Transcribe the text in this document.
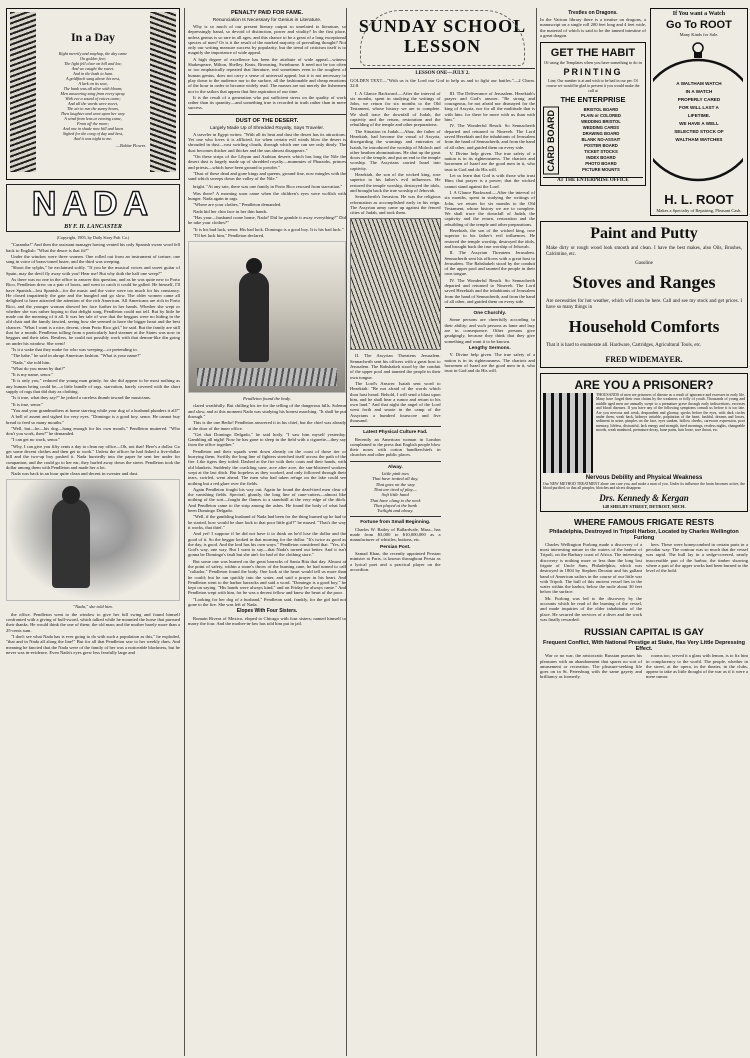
In a Day
Right merrily and mayhap, the day came
On golden feet;
The light fell clear on hill and lea;
And we caught the sweet.
And in the bush to hum.
A goldfinch sang above his nest,
A lark on its seat,
The bank was all alive with bloom;
Men answering song from every spray.
With eve a sound of voices came;
And all the words were sweet,
The air to run the sunny hours,
Then laughter and went upon her way.
A wind from leas at evening came,
From off the moor;
And one in shade now hill and lawn
Sighed for the cong of day and best,
And it was night to me.
—Bobbe Flower.
NADA
BY F. H. LANCASTER
(Copyright, 1905, by Daily Story Pub. Co.)

"Caramba!" And then the assistant manager having vented his only Spanish swear word fell back to English: "What the deuce is that fit?"

Under the window were three women. One rolled out from an instrument of torture, one sang in voice of brass-toned luster, and the third was weeping.

"Shoot the sylphs," he exclaimed softly. "If you be the musical voices and sweet guitar of Spain, may the devil fly away with you! Hear me! But why doth the half one weep?"

As there was no one in the office to answer this question, and as he was quite new to Porto Rico, Pendleton drew on a pair of boots, and went to catch it could be galled. He himself, I'll have Spanish—lost Spanish—for the music and the voice were too much for his constancy. He closed impatiently the gate and the bungled and go slow. The older women came all delighted to have attracted the attention of the rich American. All Americans are rich in Porto Rico, and the younger woman showed her face further in her hands. Whether she wept or whether she was rather hoping to that delight song, Pendleton could not tell. But by little he made out the meaning of it all. It was her tale of woe that the beggars were no hiding in the old chair and the family fancied, seeing how she seemed to have the bigger heart and the best chances. "What I want is a nice, decent, clean Porto Rico girl," he said. But the family are still that for a month. Pendleton tolling from a particularly hard steamer at the States was now in beggars and their tales. Restless, he could not possibly work with that demon-like din going on under his window. She went!

"Is it a wake that they make for who was weeping—or pretending to.

"The babe," he said in abrupt American fashion. "What is your name?"

"Nada," she told him.

"What do you mean by that?"

"It is my name, senor."

"It is only you," reduced the young man grimly, for she did appear to be most nothing as any human being could be—a little bundle of rags, starvation, barely covered with the short supply of rags that did duty as clothing.

"Is it true, what they say?" he jerked a careless thumb toward the musicians.

"It is true, senor."

"You and your grandmothers at home starving while your dog of a husband plunders it all?"

A bell of assent and sighed for very eyes. "Domingo is a good boy, senor. He cannot buy bread to feed so many mouths."

"Well, but—he—his dog—hang enough for his own mouth," Pendleton muttered. "Who don't you work, then?" he demanded.

"I can get no work, senor."

"Why, I can give you fifty cents a day to clean my office—Oh, not that! Here's a dollar. Go get some decent clothes and then get to work." Unless the officer he had fished a five-dollar bill and the two-up boy pushed it. Nada hurriedly into the paper he sent her under for companion, and the could go to her ear, they hurled away down the street. Pendleton took the dollar among them with Pendleton and made her a lot.

Nada was back in an hour quite clean and decent in sweater and dust.

"Nada," she told him.

the office. Pendleton went to the window to give her full swing and found himself confronted with a giving of bull-sword, which talked while he mounted the horse that pursued their thanks. He would think the one of them; the old man; and the mother barely more than a 25-cents sum.

"I don't see what Nada has is ever going to do with such a population as this," he exploded, "that and in Nada all along the line!" But for all that Pendleton saw to her weekly dues. And meaning he fancied that the Nada were of the family of her was a noticeable blackness, but he never was in-evidence. Even Nada's eyes grew less fearfully large and

PENALTY PAID FOR FAME.
Renunciation Is Necessary for Genius in Literature.

Why is so much of our present literary output so unrelated to literature, so depressingly banal, so devoid of distinction, power and vitality? In the first place, unless genius is so rare in all ages, and this chance to be a great of a long exceptional species of men? Or is it the result of the marked majority of prevailing thought? Not only our writing measure success by popularity, but the trend of criticism itself is to magnify the importance of wide appeal.

A high degree of excellence has been the attribute of wide appeal—witness Shakespeare, Milton, Shelley, Keats, Browning, Swinburne. It need not be too often or too emphatically repeated that literature, real sometimes even to the roughest of human genius, does not carry a sense of universal appeal; but it is not necessary to play down to the audience nor to the surface, all the fashionable and cheap emotions of the hour in order to become widely read. The masses are not merely the fishermen nor to the sailors that appear that fine aspiration of our time.

It is the result of a generation who put sufficient stress on the quality of work rather than its quantity—and something true is recorded in truth rather than in mere success.

DUST OF THE DESERT.
Largely Made Up of Shredded Royalty, Says Traveler.

A traveler in Egypt writes: "With all its heat and dust the desert has its attractions. Yet one who loves it is afflicted, for when certain evil winds blow the desert is shrouded in dust—vast swirling clouds, through which one can see only dimly. The dust becomes thicker and thicker and the sun almost disappears."

"On these strips of the Libyan and Arabian deserts which has long the Nile the desert dust is largely made up of shredded royalty—mummies of Pharaohs, princes and priests—which have been ground to powder."

"Dust of these dead and gone kings and queens, ground fine, now mingles with the sand which sweeps down the valley of the Nile."

bright. "At any rate, there was one family in Porto Rico rescued from starvation."

Was there? A morning soon came when the children's eyes were wolfish with hunger. Nada again in rags.

"Where are your clothes," Pendleton demanded.

Nada hid her chin face in her thin hands.

"Has your—husband come home, Nada? Did he gamble it away everything?" Did he take your clothes?"

"It is his bad luck, senor. His bad luck. Domingo is a good boy. It is his bad luck."

"I'll bet luck him," Pendleton declared.

Pendleton found the body.

clared wrathfully. But chilling his ire for the telling of the dangerous hills. Solemn and slow, and at this moment Nada was studying his honest marching. "It shall be put through."

This is the one Bedio! Pendleton answered it in his chief, but the chief was already at the door of the inner office.

"Get that Domingo Delgado," he said hotly. "I saw him myself yesterday. Gambling all night! Now he has gone to sleep in the field with a cigarette—they say from the office together."

Pendleton and their squads went down already on the coast of those tier or hurrying them. Swiftly the long line of fighters stretched itself across the path of the fire. Like tigers they toiled. Dashed at the fire with their coats and their hands, with old blankets. Suddenly the crackling cane, acre after acre, the sun-blistered workers wept at the last ditch. But hopeless as they worked, and only followed through their tears, swirled, went ahead. The men who had taken refuge on the lake could see nothing but a red glare over the fields.

Again Pendleton fought his way out. Again he found the dead-tired men clear of the vanishing fields. Spectral, ghastly, the long line of cane-cutters—almost like nothing of the sort—fought the flames to a standstill at the very edge of the ditch. And Pendleton came to the strip among the ashes. He found the body of what had been Domingo Delgado.

"Well, if the gambling husband of Nada had been for the thing burned up he had to be started, how would he dare look to that poor little girl?" he mused. "That's the way it works, that thief."

And yet! I suppose if he did not have it to think on he'd lose the dollar and the good of it. So the beggar looked in that morning for the dollar. "It's twice as good as the day, is good. And the lord has his own ways." Pendleton considered that. "Yes, it's God's way, one way. But I want to say—that Nada's turned out better. And it isn't gonna be Domingo's fault but she ain't for bad of the clothing store."

But some one was burned on the great barracks of Santa Rita that day. Almost at the point of safety, within a stone's throw of the burning cane, he had turned to call "caliador," Pendleton found the body. One look at the heart would tell us more than he could; but he ran quickly into the water, and said a prayer in his heart. And Pendleton went to the harbor barracks and said a word. "Domingo is a good boy," he kept on saying. "His hands were always kind," and on Friday he always came." And Pendleton wept with him, for he was a decent fellow and knew the heart of the poor.

"Looking for her dog of a husband," Pendleton said, frankly, for the girl had not gone to the fire. She was left of Nada.

Elopes With Four Sisters.

Romain Rivera of Mexico, eloped to Chicago with four sisters; named himself to marry the four. And the mother-in-law has told him put in jail.

SUNDAY SCHOOL LESSON
LESSON ONE—JULY 2.
GOLDEN TEXT—"With us is the Lord our God to help us and to fight our battles."—2 Chron. 32:8.

I. A Glance Backward.—After the interval of six months, spent in studying the writings of John, we return for six months to the Old Testament, whose history we are to complete. We shall trace the downfall of Judah, the captivity and the return, restoration and the rebuilding of the temple and other preparations.

The Situation in Judah.—Ahaz, the father of Hezekiah, had become the vassal of Assyria, disregarding the warnings and entreaties of Isaiah, he introduced the worship of Moloch and other heathen abominations. He shut up the great doors of the temple, and put an end to the temple worship. The Assyrians carried Israel into captivity.

Hezekiah, the son of the wicked king, rose superior to his father's evil influences. He restored the temple worship, destroyed the idols, and brought back the true worship of Jehovah.

Sennacherib's Invasion. He was the religious reformation as accomplished early in his reign. The Assyrian army came up against the fenced cities of Judah, and took them.

II. The Assyrian Threatens Jerusalem. Sennacherib sent his officers with a great host to Jerusalem. The Rabshakeh stood by the conduit of the upper pool and taunted the people in their own tongue.

The Lord's Answer. Isaiah sent word to Hezekiah: "Be not afraid of the words which thou hast heard. Behold, I will send a blast upon him, and he shall hear a rumor and return to his own land." And that night the angel of the Lord went forth and smote in the camp of the Assyrians a hundred fourscore and five thousand.

Latest Physical Culture Fad.

Recently an American woman in London complained to the press that English people blow their noses with cotton handkerchiefs in churches and other public places.

Alway.
Little pink toes
That have trotted all day,
That goes on the way
That are tired of play—
Soft little hand
That have clung to the neck
That played at the bank
Twilight and alway.
Fortune from Small Beginning.

Charles W. Bailey of Ballardvale, Mass., has made from $3,000 to $10,000,000 as a manufacturer of whistles, buttons, etc.

Persian Post.

Samad Khan, the recently appointed Persian minister at Paris, is known throughout Persia as a lyrical poet and a practical player on the accordion.

III. The Deliverance of Jerusalem. Hezekiah's prayer and God's answer. "Be strong and courageous, be not afraid nor dismayed for the king of Assyria, nor for all the multitude that is with him: for there be more with us than with him."

IV. The Wonderful Result. So Sennacherib departed and returned to Nineveh. The Lord saved Hezekiah and the inhabitants of Jerusalem from the hand of Sennacherib, and from the hand of all other, and guided them on every side.

V. Divine help given. The true safety of a nation is in its righteousness. The chariots and horsemen of Israel are the good men in it, who trust in God and do His will.

Let us learn that God is with those who trust Him; that prayer is a power; that the wicked cannot stand against the Lord.

I. A Glance Backward.—After the interval of six months, spent in studying the writings of John, we return for six months to the Old Testament, whose history we are to complete. We shall trace the downfall of Judah, the captivity and the return, restoration and the rebuilding of the temple and other preparations.

Hezekiah, the son of the wicked king, rose superior to his father's evil influences. He restored the temple worship, destroyed the idols, and brought back the true worship of Jehovah.

II. The Assyrian Threatens Jerusalem. Sennacherib sent his officers with a great host to Jerusalem. The Rabshakeh stood by the conduit of the upper pool and taunted the people in their own tongue.

IV. The Wonderful Result. So Sennacherib departed and returned to Nineveh. The Lord saved Hezekiah and the inhabitants of Jerusalem from the hand of Sennacherib, and from the hand of all other, and guided them on every side.

One Churchly.

Some persons are cheerfully according to their ability; and such persons as lame and lazy are in consequence. Other persons give grudgingly, because they think that they give something and want it to be known.

Lengthy Sermons.

V. Divine help given. The true safety of a nation is in its righteousness. The chariots and horsemen of Israel are the good men in it, who trust in God and do His will.

Trestles on Dragons.
In the Vatican library there is a treatise on dragons, a manuscript on a single roll 200 feet long and 4 feet wide, the material of which is said to be the tanned intestine of a great dragon.
GET THE HABIT
Of using the Templates when you have something to do in
PRINTING
Line, Our number is at and wish to be had in our per. Of course we would be glad to present it you would make the call at
THE ENTERPRISE
CARD BOARD
BRISTOL BOARD
PLAIN or COLORED
WEDDING BRISTOL
WEDDING CARDS
DRAWING BOARD
BLANK NO-ASSAIT
POSTER BOARD
TICKET STOCKS
INDEX BOARD
PHOTO BOARD
PICTURE MOUNTS
AT THE ENTERPRISE OFFICE
If You want a Watch
Go To ROOT
Many Kinds for Sale.
A WALTHAM WATCH
IN A WATCH
PROPERLY CARED
FOR WILL LAST A
LIFETIME.
WE HAVE A WELL
SELECTED STOCK OF
WALTHAM WATCHES
H. L. ROOT
Makes a Specialty of Repairing, Pleasant Cash.
Paint and Putty
Make dirty or rough wood look smooth and clean. I have the best makes, also Oils, Brushes, Calcimine, etc.
Gasoline
Stoves and Ranges
Are necessities for hot weather, which will soon be here. Call and see my stock and get prices. I have so many things in
Household Comforts
That it is hard to enumerate all. Hardware, Cartridges, Agricultural Tools, etc.
FRED WIDEMAYER.
ARE YOU A PRISONER?
THOUSANDS of men are prisoners of disease as a result of ignorance and excesses in early life. Many have forged their own chains by the weakness or folly of youth. Thousands of young and middle aged men are annually swept to a premature grave through early indiscretions, excesses and blood diseases. If you have any of the following symptoms consult us before it is too late. Are you nervous and weak, despondent and gloomy, specks before the eyes, with dark circles under them, weak back, kidneys irritable, palpitation of the heart, bashful, dreams and losses, sediment in urine, pimples on the face, eyes sunken, hollow cheeks, careworn expression, poor memory, lifeless, distrustful, lack energy and strength, tired mornings, restless nights, changeable moods, weak manhood, premature decay, bone pains, hair loose, sore throat, etc.
Nervous Debility and Physical Weakness
Our NEW METHOD TREATMENT alone can cure you, and make a man of you. Under its influence the brain becomes active, the blood purified, so that all pimples, blotches and ulcers disappear.
Drs. Kennedy & Kergan
148 SHELBY STREET, DETROIT, MICH.
WHERE FAMOUS FRIGATE RESTS
Philadelphia, Destroyed in Tripoli Harbor, Located by Charles Wellington Furlong

Charles Wellington Furlong made a discovery of a most interesting nature in the waters of the harbor of Tripoli, on the Barbary coast of Africa. The interesting discovery is nothing more or less than the long lost frigate of Uncle Sam, Philadelphia, which was destroyed in 1804 by Stephen Decatur and his gallant band of American sailors in the course of our little war with Tripoli. The hull of this ancient vessel lies in the water within the harbor, below the mole about 30 feet below the surface.

Mr. Furlong was led to the discovery by the accounts which he read of the burning of the vessel, and made inquiries of the older inhabitants of the place. He secured the services of a diver and the work was finally rewarded.

bers. These were honeycombed in certain parts in a peculiar way. The contour was so much that the vessel was rapid. The hull lay in a sedge-covered, nearly inaccessible part of the harbor, the timber showing where a part of the upper works had been burned to the level of the hold.

RUSSIAN CAPITAL IS GAY
Frequent Conflict, With National Prestige at Stake, Has Very Little Depressing Effect.

War or no war, the aristocratic Russian pursues his pleasures with an abandonment that spares no sort of amusement or recreation. The pleasure-seeking life goes on in St. Petersburg with the same gayety and brilliancy as formerly.

rooms too, served it a glass with lemon, is to fix him in complacency to the world. The people, whether in the street, at the opera, in the theater, in the clubs, appear to take as little thought of the war as if it were a mere rumor.
